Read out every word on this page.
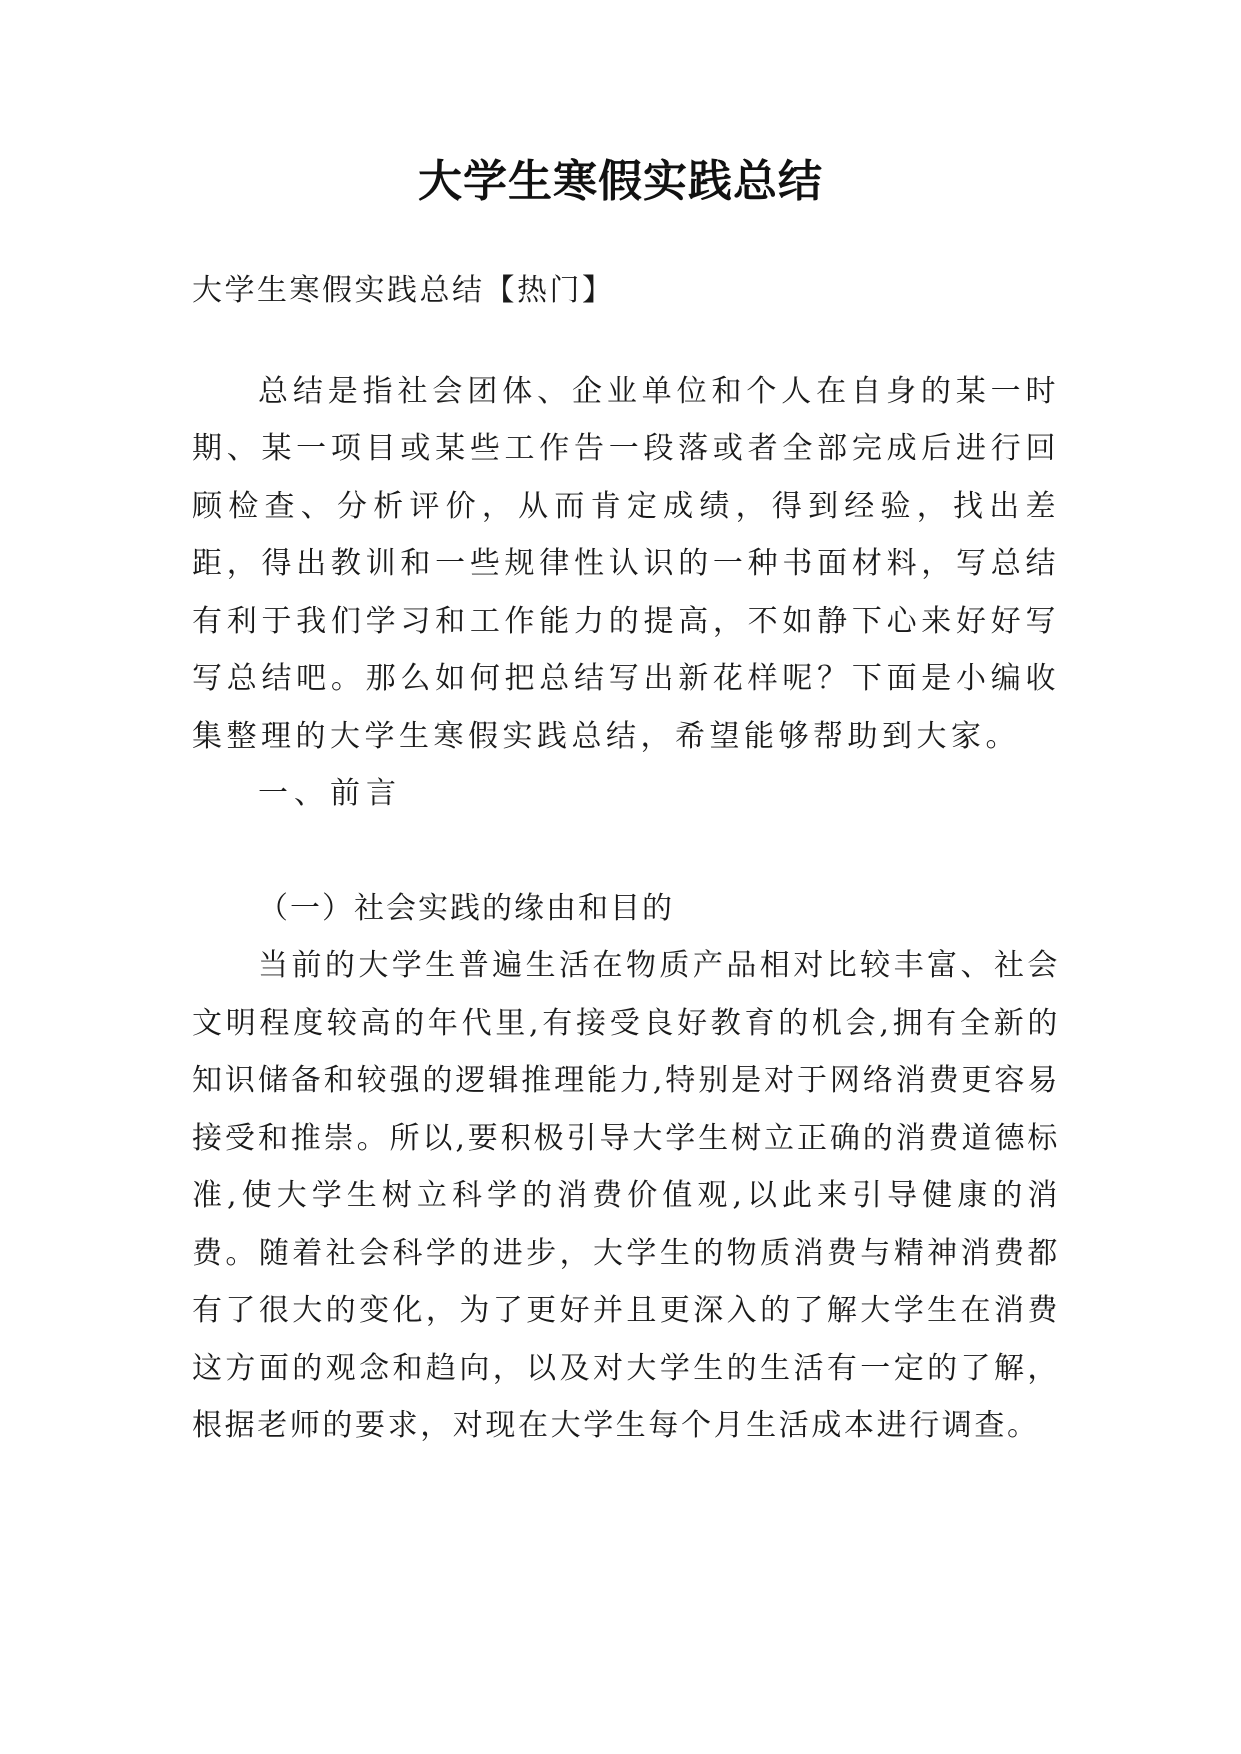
大学生寒假实践总结

大学生寒假实践总结【热门】

总结是指社会团体、企业单位和个人在自身的某一时期、某一项目或某些工作告一段落或者全部完成后进行回顾检查、分析评价，从而肯定成绩，得到经验，找出差距，得出教训和一些规律性认识的一种书面材料，写总结有利于我们学习和工作能力的提高，不如静下心来好好写写总结吧。那么如何把总结写出新花样呢？下面是小编收集整理的大学生寒假实践总结，希望能够帮助到大家。

一、前言

（一）社会实践的缘由和目的

当前的大学生普遍生活在物质产品相对比较丰富、社会文明程度较高的年代里,有接受良好教育的机会,拥有全新的知识储备和较强的逻辑推理能力,特别是对于网络消费更容易接受和推崇。所以,要积极引导大学生树立正确的消费道德标准,使大学生树立科学的消费价值观,以此来引导健康的消费。随着社会科学的进步，大学生的物质消费与精神消费都有了很大的变化，为了更好并且更深入的了解大学生在消费这方面的观念和趋向，以及对大学生的生活有一定的了解，根据老师的要求，对现在大学生每个月生活成本进行调查。
